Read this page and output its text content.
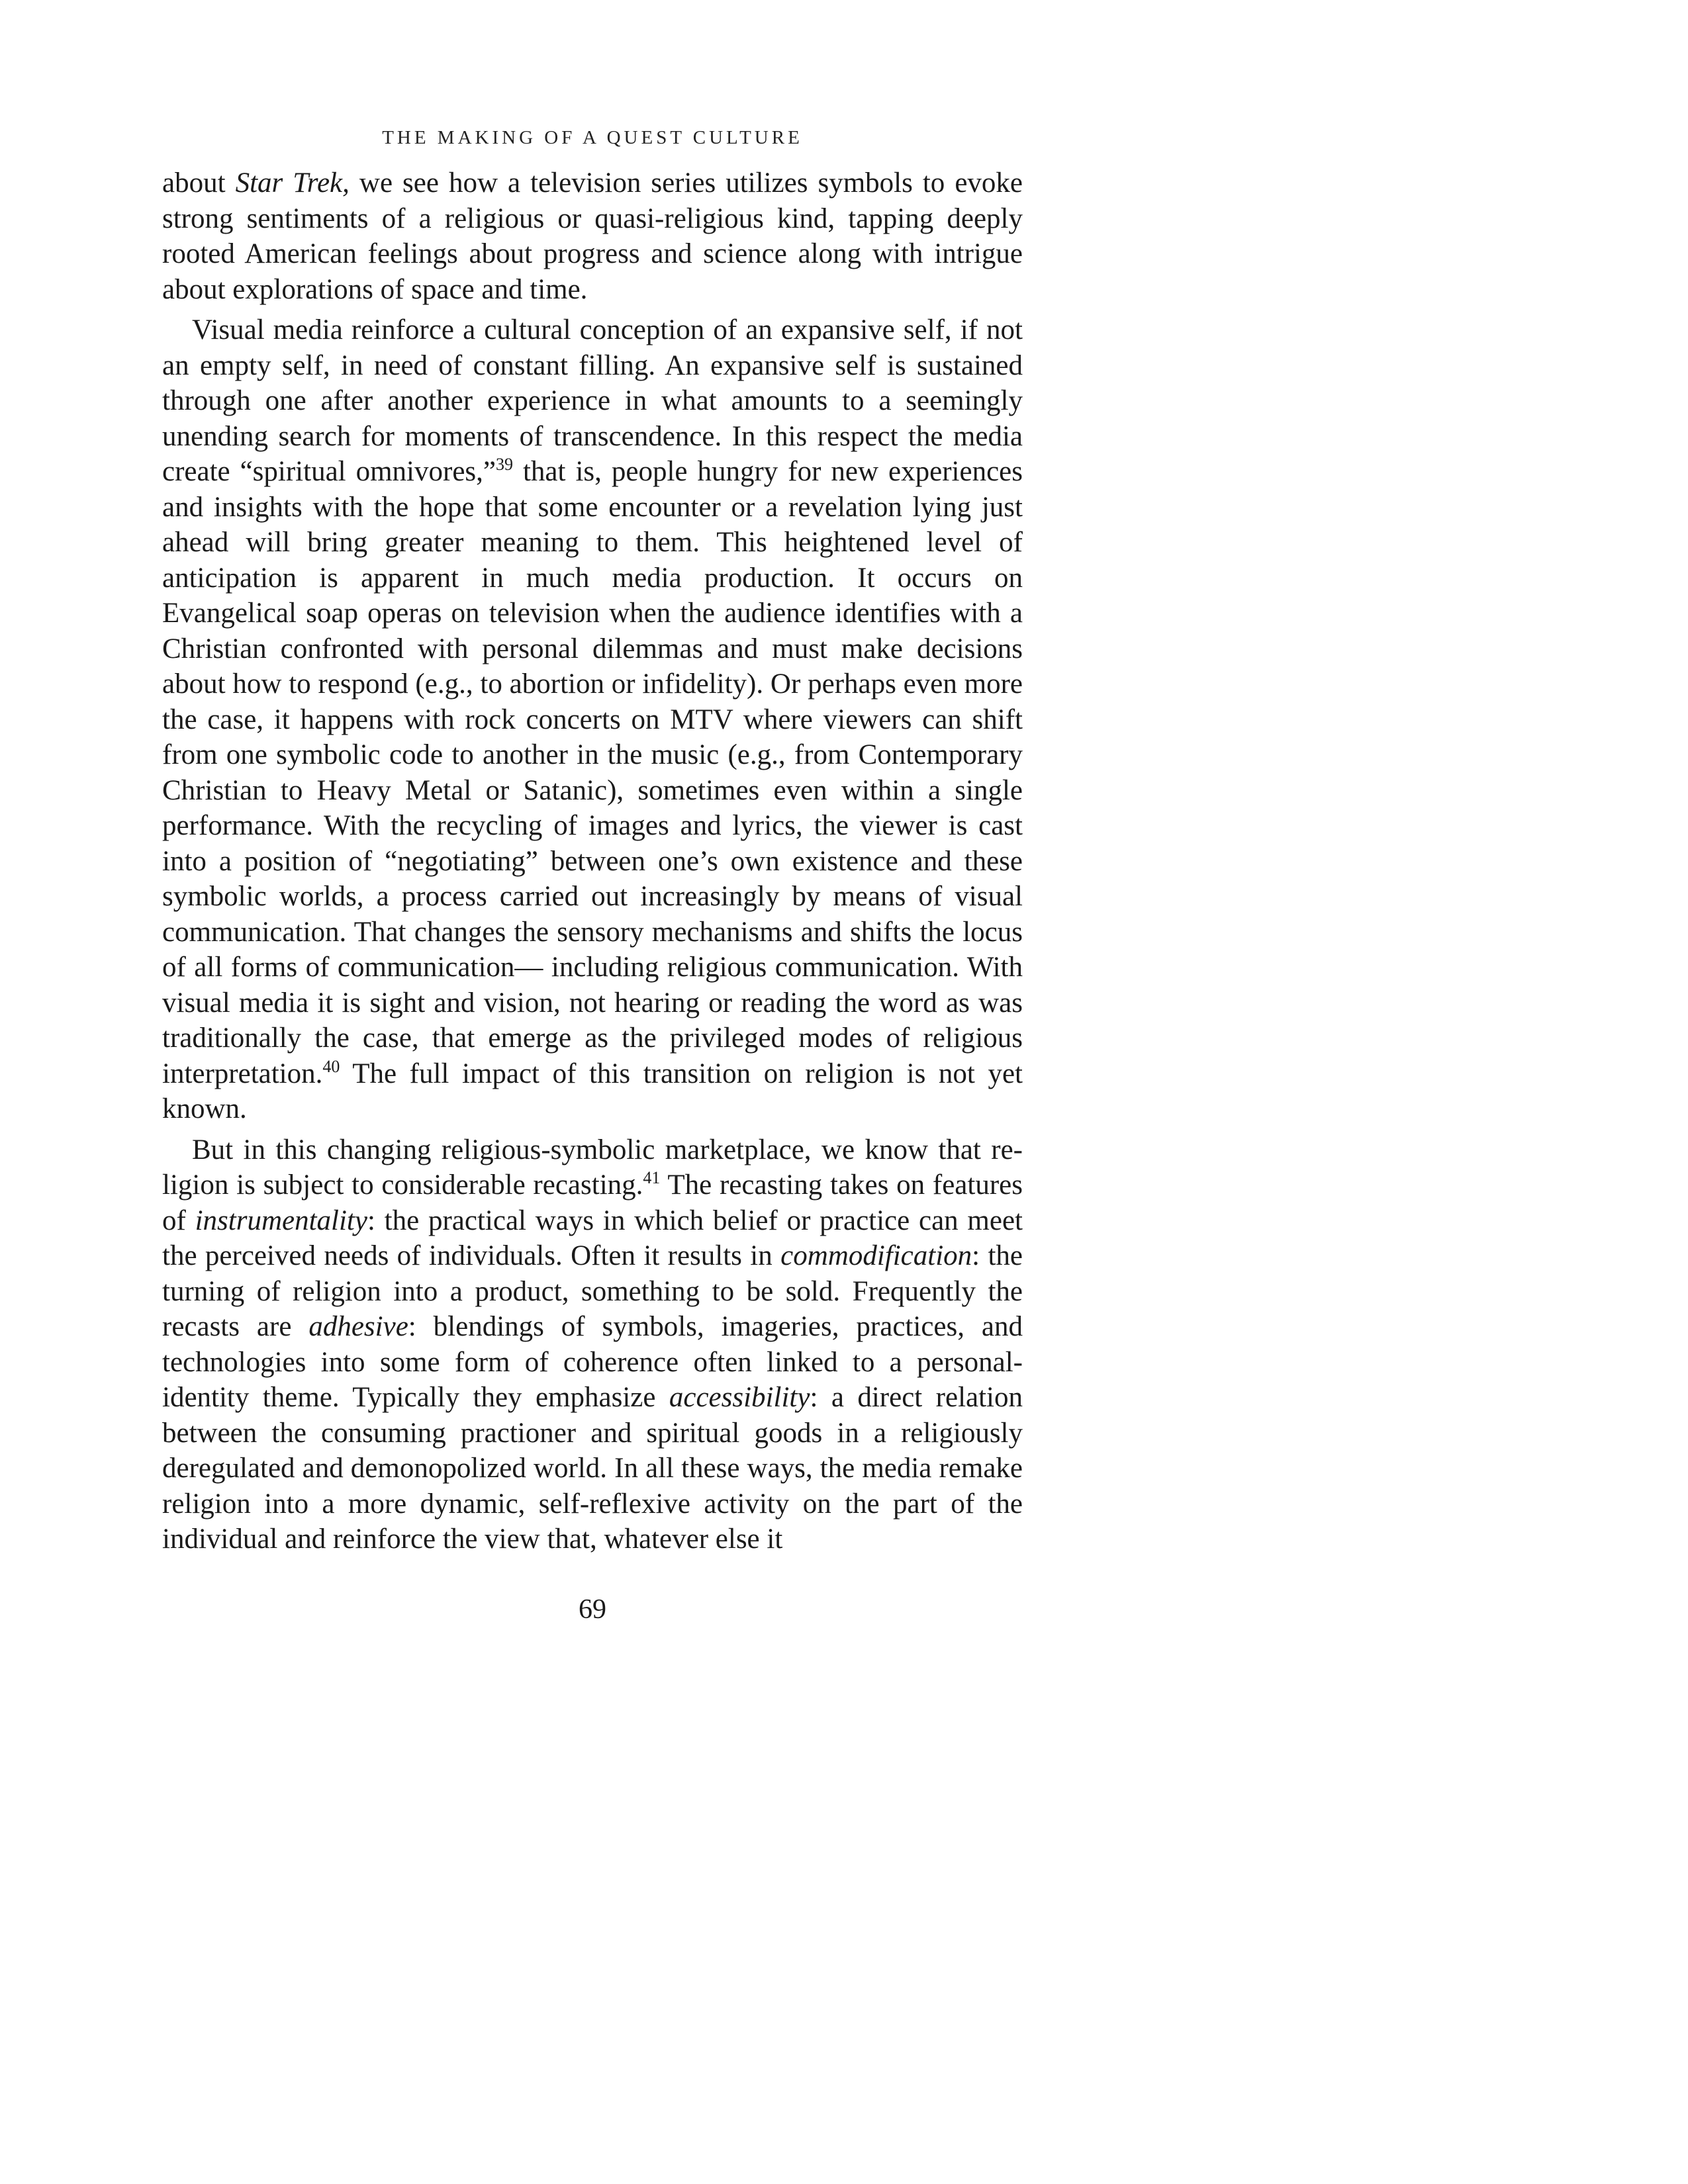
THE MAKING OF A QUEST CULTURE

about Star Trek, we see how a television series utilizes symbols to evoke strong sentiments of a religious or quasi-religious kind, tapping deeply rooted American feelings about progress and science along with intrigue about explorations of space and time.

Visual media reinforce a cultural conception of an expansive self, if not an empty self, in need of constant filling. An expansive self is sustained through one after another experience in what amounts to a seemingly unending search for moments of transcendence. In this respect the media create “spiritual omnivores,”$^{39}$ that is, people hungry for new experiences and insights with the hope that some encounter or a revelation lying just ahead will bring greater meaning to them. This heightened level of anticipation is apparent in much media production. It occurs on Evangelical soap operas on television when the audience identifies with a Christian confronted with personal dilemmas and must make decisions about how to respond (e.g., to abortion or infidelity). Or perhaps even more the case, it happens with rock concerts on MTV where viewers can shift from one symbolic code to another in the music (e.g., from Contemporary Christian to Heavy Metal or Satanic), sometimes even within a single performance. With the recycling of images and lyrics, the viewer is cast into a position of “negotiating” between one’s own existence and these symbolic worlds, a process carried out increasingly by means of visual communication. That changes the sensory mechanisms and shifts the locus of all forms of communication— including religious communication. With visual media it is sight and vision, not hearing or reading the word as was traditionally the case, that emerge as the privileged modes of religious interpretation.$^{40}$ The full impact of this transition on religion is not yet known.

But in this changing religious-symbolic marketplace, we know that religion is subject to considerable recasting.$^{41}$ The recasting takes on features of instrumentality: the practical ways in which belief or practice can meet the perceived needs of individuals. Often it results in commodification: the turning of religion into a product, something to be sold. Frequently the recasts are adhesive: blendings of symbols, imageries, practices, and technologies into some form of coherence often linked to a personal-identity theme. Typically they emphasize accessibility: a direct relation between the consuming practioner and spiritual goods in a religiously deregulated and demonopolized world. In all these ways, the media remake religion into a more dynamic, self-reflexive activity on the part of the individual and reinforce the view that, whatever else it

69
